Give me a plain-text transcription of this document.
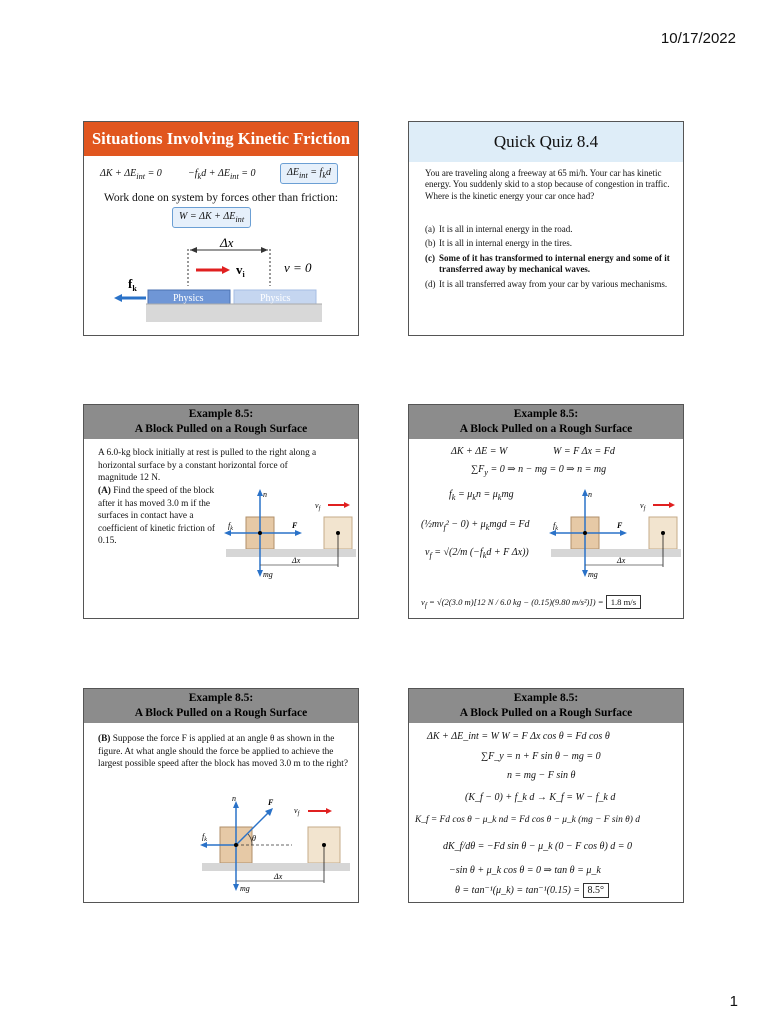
10/17/2022
Situations Involving Kinetic Friction
$\Delta K + \Delta E_{int} = 0$	$-f_kd + \Delta E_{int} = 0$	$\Delta E_{int} = f_kd$
Work done on system by forces other than friction:
$W = \Delta K + \Delta E_{int}$
Δx
$v_i$	v = 0
$f_k$
Physics	Physics
Quick Quiz 8.4
You are traveling along a freeway at 65 mi/h. Your car has kinetic energy. You suddenly skid to a stop because of congestion in traffic. Where is the kinetic energy your car once had?
(a) It is all in internal energy in the road.
(b) It is all in internal energy in the tires.
(c) Some of it has transformed to internal energy and some of it transferred away by mechanical waves.
(d) It is all transferred away from your car by various mechanisms.
Example 8.5:
A Block Pulled on a Rough Surface
A 6.0-kg block initially at rest is pulled to the right along a horizontal surface by a constant horizontal force of magnitude 12 N.
(A) Find the speed of the block after it has moved 3.0 m if the surfaces in contact have a coefficient of kinetic friction of 0.15.
n
mg
$f_k$	F
Δx
$v_f$
Example 8.5:
A Block Pulled on a Rough Surface
ΔK + ΔE = W	W = F Δx = Fd
$\sum F_y = 0$ ⇒ n − mg = 0 ⇒ n = mg
$f_k = \mu_kn = \mu_kmg$
$(\frac{1}{2}mv_f^2 - 0) + \mu_kmgd = Fd$
$v_f = √(2/m$ ($-f_kd + F$ Δx))
$v_f = √(2(3.0$ m)[12 N / 6.0 kg − (0.15)(9.80 m/s²)]) = 1.8 m/s
n
mg
$f_k$	F
Δx
$v_f$
Example 8.5:
A Block Pulled on a Rough Surface
(B) Suppose the force F is applied at an angle θ as shown in the figure. At what angle should the force be applied to achieve the largest possible speed after the block has moved 3.0 m to the right?
n
mg
$f_k$
F
θ
Δx
$v_f$
Example 8.5:
A Block Pulled on a Rough Surface
ΔK + ΔE_int = W W = F Δx cos θ = Fd cos θ
∑F_y = n + F sin θ − mg = 0
n = mg − F sin θ
(K_f − 0) + f_k d → K_f = W − f_k d
K_f = Fd cos θ − μ_k nd = Fd cos θ − μ_k (mg − F sin θ) d
dK_f/dθ = −Fd sin θ − μ_k (0 − F cos θ) d = 0
−sin θ + μ_k cos θ = 0 ⇒ tan θ = μ_k
θ = tan⁻¹(μ_k) = tan⁻¹(0.15) = 8.5°
1
